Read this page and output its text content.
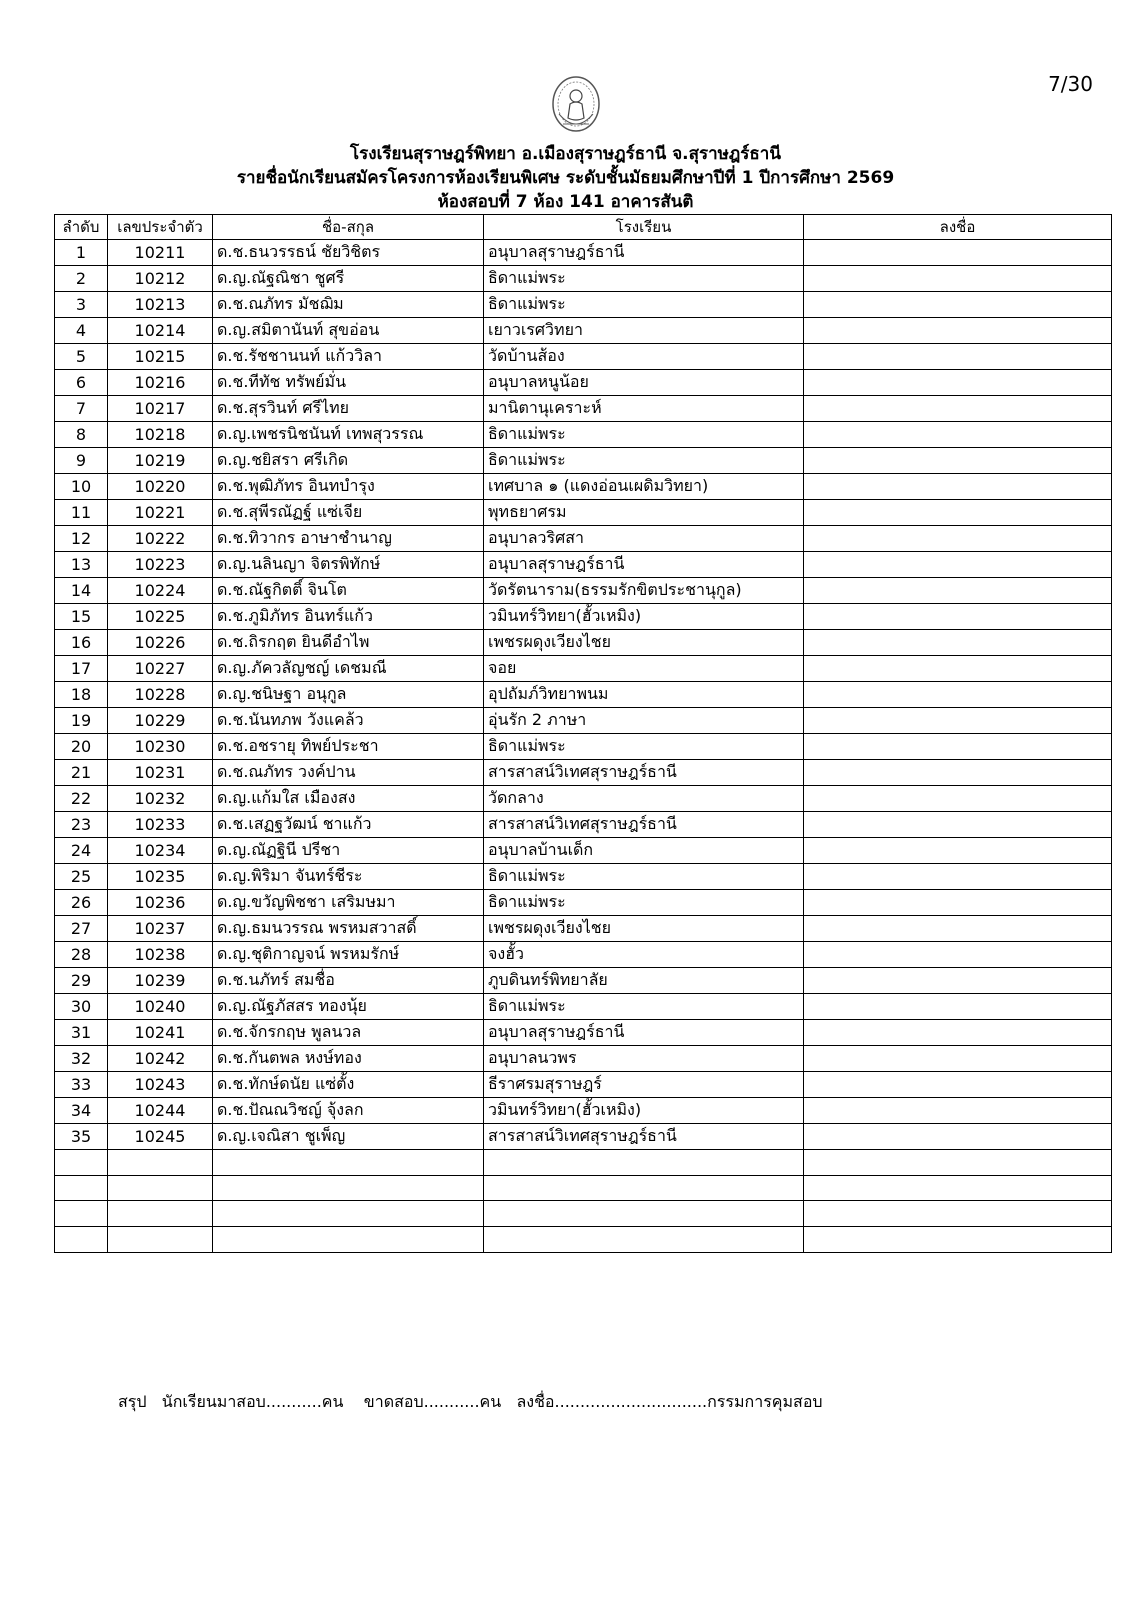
7/30
โรงเรียนสุราษฎร์พิทยา อ.เมืองสุราษฎร์ธานี จ.สุราษฎร์ธานี
รายชื่อนักเรียนสมัครโครงการห้องเรียนพิเศษ ระดับชั้นมัธยมศึกษาปีที่ 1 ปีการศึกษา 2569
ห้องสอบที่ 7 ห้อง 141 อาคารสันติ
ลำดับ	เลขประจำตัว	ชื่อ-สกุล	โรงเรียน	ลงชื่อ
1	10211	ด.ช.ธนวรรธน์ ชัยวิชิตร	อนุบาลสุราษฎร์ธานี	
2	10212	ด.ญ.ณัฐณิชา ชูศรี	ธิดาแม่พระ	
3	10213	ด.ช.ณภัทร มัชฌิม	ธิดาแม่พระ	
4	10214	ด.ญ.สมิตานันท์ สุขอ่อน	เยาวเรศวิทยา	
5	10215	ด.ช.รัชชานนท์ แก้ววิลา	วัดบ้านส้อง	
6	10216	ด.ช.ทีทัช ทรัพย์มั่น	อนุบาลหนูน้อย	
7	10217	ด.ช.สุรวินท์ ศรีไทย	มานิตานุเคราะห์	
8	10218	ด.ญ.เพชรนิชนันท์ เทพสุวรรณ	ธิดาแม่พระ	
9	10219	ด.ญ.ชยิสรา ศรีเกิด	ธิดาแม่พระ	
10	10220	ด.ช.พุฒิภัทร อินทบำรุง	เทศบาล ๑ (แดงอ่อนเผดิมวิทยา)	
11	10221	ด.ช.สุพีรณัฏฐ์ แซ่เจีย	พุทธยาศรม	
12	10222	ด.ช.ทิวากร อาษาชำนาญ	อนุบาลวริศสา	
13	10223	ด.ญ.นลินญา จิตรพิทักษ์	อนุบาลสุราษฎร์ธานี	
14	10224	ด.ช.ณัฐกิตติ์ จินโต	วัดรัตนาราม(ธรรมรักขิตประชานุกูล)	
15	10225	ด.ช.ภูมิภัทร อินทร์แก้ว	วมินทร์วิทยา(ฮั้วเหมิง)	
16	10226	ด.ช.ถิรกฤต ยินดีอำไพ	เพชรผดุงเวียงไชย	
17	10227	ด.ญ.ภัควลัญชญ์ เดชมณี	จอย	
18	10228	ด.ญ.ชนิษฐา อนุกูล	อุปถัมภ์วิทยาพนม	
19	10229	ด.ช.นันทภพ วังแคล้ว	อุ่นรัก 2 ภาษา	
20	10230	ด.ช.อชรายุ ทิพย์ประชา	ธิดาแม่พระ	
21	10231	ด.ช.ณภัทร วงค์ปาน	สารสาสน์วิเทศสุราษฎร์ธานี	
22	10232	ด.ญ.แก้มใส เมืองสง	วัดกลาง	
23	10233	ด.ช.เสฏฐวัฒน์ ชาแก้ว	สารสาสน์วิเทศสุราษฎร์ธานี	
24	10234	ด.ญ.ณัฏฐินี ปรีชา	อนุบาลบ้านเด็ก	
25	10235	ด.ญ.พิริมา จันทร์ชีระ	ธิดาแม่พระ	
26	10236	ด.ญ.ขวัญพิชชา เสริมษมา	ธิดาแม่พระ	
27	10237	ด.ญ.ธมนวรรณ พรหมสวาสดิ์	เพชรผดุงเวียงไชย	
28	10238	ด.ญ.ชุติกาญจน์ พรหมรักษ์	จงฮั้ว	
29	10239	ด.ช.นภัทร์ สมชื่อ	ภูบดินทร์พิทยาลัย	
30	10240	ด.ญ.ณัฐภัสสร ทองนุ้ย	ธิดาแม่พระ	
31	10241	ด.ช.จักรกฤษ พูลนวล	อนุบาลสุราษฎร์ธานี	
32	10242	ด.ช.กันตพล หงษ์ทอง	อนุบาลนวพร	
33	10243	ด.ช.ทักษ์ดนัย แซ่ตั้ง	ธีราศรมสุราษฎร์	
34	10244	ด.ช.ปัณณวิชญ์ จุ้งลก	วมินทร์วิทยา(ฮั้วเหมิง)	
35	10245	ด.ญ.เจณิสา ชูเพ็ญ	สารสาสน์วิเทศสุราษฎร์ธานี	

สรุป   นักเรียนมาสอบ...........คน    ขาดสอบ...........คน   ลงชื่อ..............................กรรมการคุมสอบ
